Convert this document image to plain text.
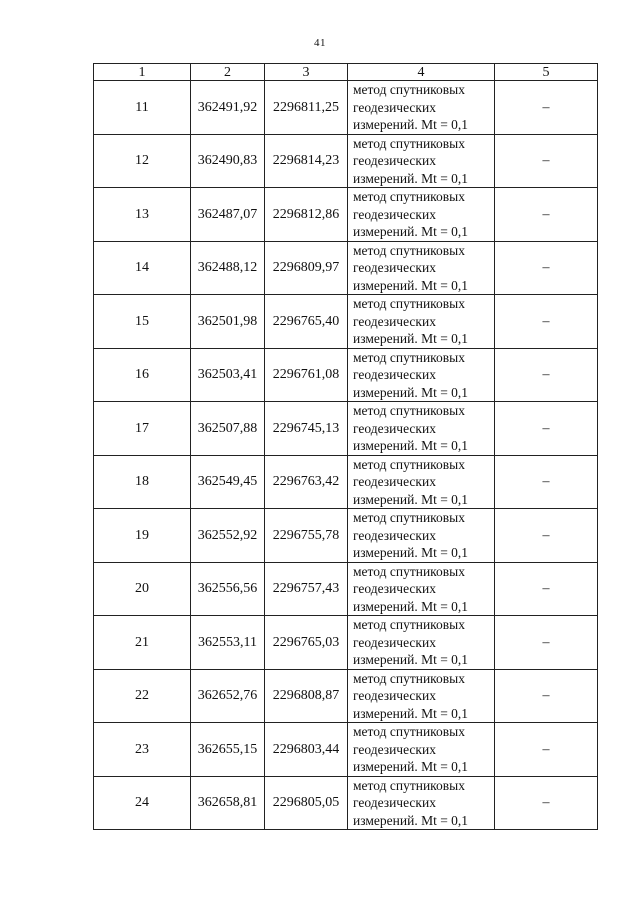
41
1	2	3	4	5
11	362491,92	2296811,25	метод спутниковых
геодезических
измерений. Mt = 0,1	–
12	362490,83	2296814,23	метод спутниковых
геодезических
измерений. Mt = 0,1	–
13	362487,07	2296812,86	метод спутниковых
геодезических
измерений. Mt = 0,1	–
14	362488,12	2296809,97	метод спутниковых
геодезических
измерений. Mt = 0,1	–
15	362501,98	2296765,40	метод спутниковых
геодезических
измерений. Mt = 0,1	–
16	362503,41	2296761,08	метод спутниковых
геодезических
измерений. Mt = 0,1	–
17	362507,88	2296745,13	метод спутниковых
геодезических
измерений. Mt = 0,1	–
18	362549,45	2296763,42	метод спутниковых
геодезических
измерений. Mt = 0,1	–
19	362552,92	2296755,78	метод спутниковых
геодезических
измерений. Mt = 0,1	–
20	362556,56	2296757,43	метод спутниковых
геодезических
измерений. Mt = 0,1	–
21	362553,11	2296765,03	метод спутниковых
геодезических
измерений. Mt = 0,1	–
22	362652,76	2296808,87	метод спутниковых
геодезических
измерений. Mt = 0,1	–
23	362655,15	2296803,44	метод спутниковых
геодезических
измерений. Mt = 0,1	–
24	362658,81	2296805,05	метод спутниковых
геодезических
измерений. Mt = 0,1	–
